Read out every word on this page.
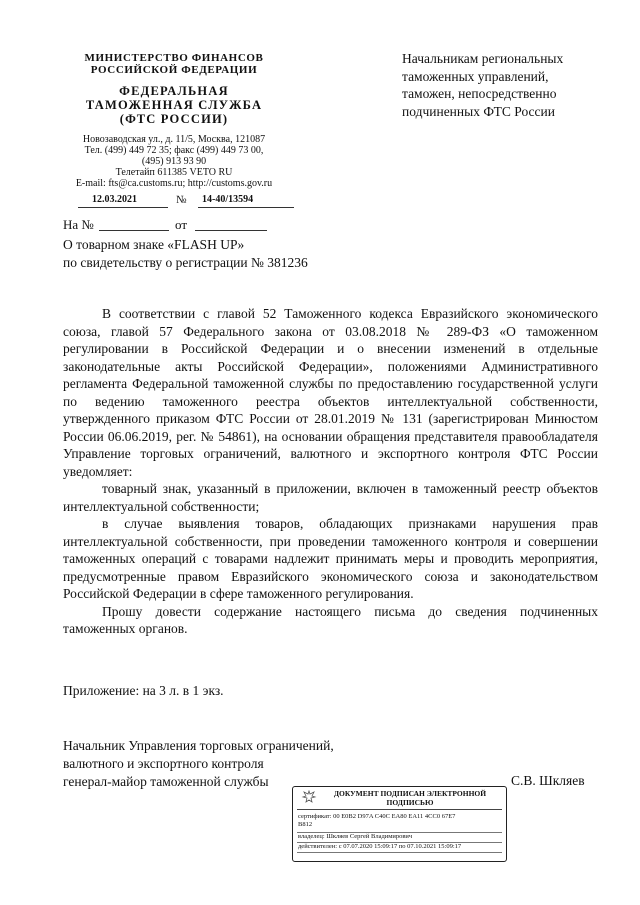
МИНИСТЕРСТВО ФИНАНСОВ
РОССИЙСКОЙ ФЕДЕРАЦИИ
ФЕДЕРАЛЬНАЯ
ТАМОЖЕННАЯ СЛУЖБА
(ФТС РОССИИ)
Новозаводская ул., д. 11/5, Москва, 121087
Тел. (499) 449 72 35; факс (499) 449 73 00,
(495) 913 93 90
Телетайп 611385 VETO RU
E-mail: fts@ca.customs.ru; http://customs.gov.ru
12.03.2021	№ 14-40/13594
На №	от
О товарном знаке «FLASH UP»
по свидетельству о регистрации № 381236
Начальникам региональных
таможенных управлений,
таможен, непосредственно
подчиненных ФТС России

В соответствии с главой 52 Таможенного кодекса Евразийского экономического союза, главой 57 Федерального закона от 03.08.2018 № 289-ФЗ «О таможенном регулировании в Российской Федерации и о внесении изменений в отдельные законодательные акты Российской Федерации», положениями Административного регламента Федеральной таможенной службы по предоставлению государственной услуги по ведению таможенного реестра объектов интеллектуальной собственности, утвержденного приказом ФТС России от 28.01.2019 № 131 (зарегистрирован Минюстом России 06.06.2019, рег. № 54861), на основании обращения представителя правообладателя Управление торговых ограничений, валютного и экспортного контроля ФТС России уведомляет:

товарный знак, указанный в приложении, включен в таможенный реестр объектов интеллектуальной собственности;

в случае выявления товаров, обладающих признаками нарушения прав интеллектуальной собственности, при проведении таможенного контроля и совершении таможенных операций с товарами надлежит принимать меры и проводить мероприятия, предусмотренные правом Евразийского экономического союза и законодательством Российской Федерации в сфере таможенного регулирования.

Прошу довести содержание настоящего письма до сведения подчиненных таможенных органов.

Приложение: на 3 л. в 1 экз.
Начальник Управления торговых ограничений,
валютного и экспортного контроля
генерал-майор таможенной службы	С.В. Шкляев
ДОКУМЕНТ ПОДПИСАН ЭЛЕКТРОННОЙ
ПОДПИСЬЮ
сертификат: 00 E0B2 D97A C40C EA80 EA11 4CC0 67E7
B812
владелец: Шкляев Сергей Владимирович
действителен: с 07.07.2020 15:09:17 по 07.10.2021 15:09:17
